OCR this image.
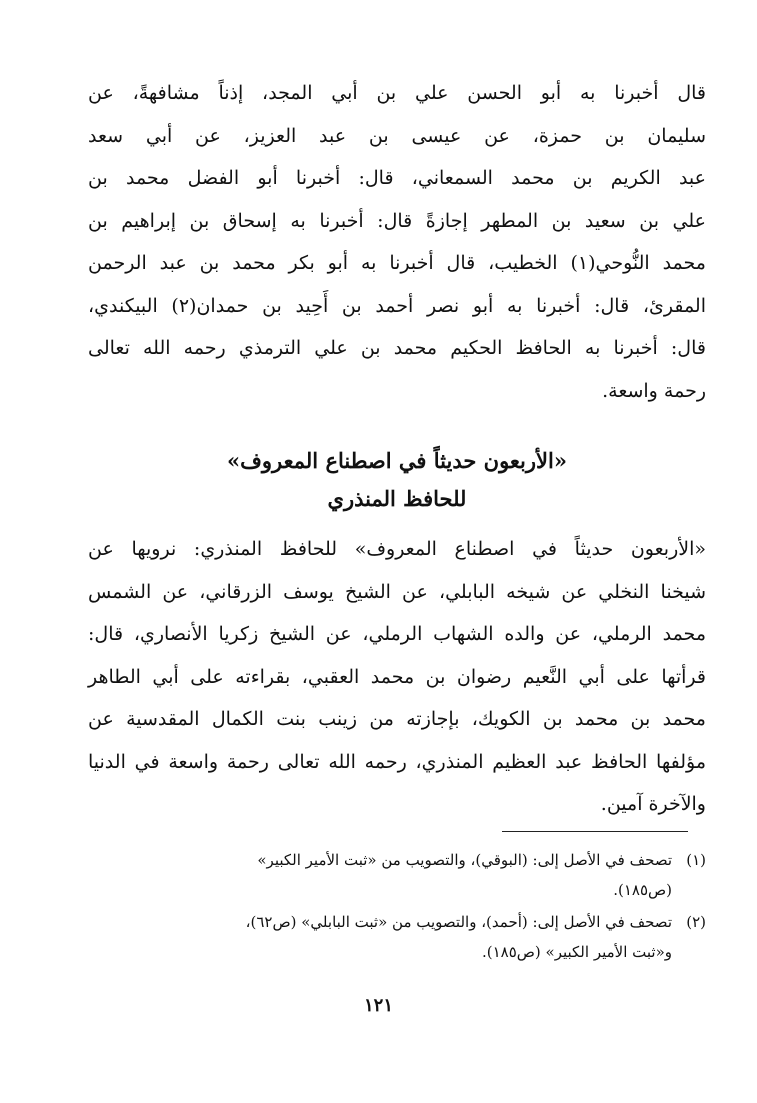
قال أخبرنا به أبو الحسن علي بن أبي المجد، إذناً مشافهةً، عن
سليمان بن حمزة، عن عيسى بن عبد العزيز، عن أبي سعد
عبد الكريم بن محمد السمعاني، قال: أخبرنا أبو الفضل محمد بن
علي بن سعيد بن المطهر إجازةً قال: أخبرنا به إسحاق بن إبراهيم بن
محمد النُّوحي(١) الخطيب، قال أخبرنا به أبو بكر محمد بن عبد الرحمن
المقرئ، قال: أخبرنا به أبو نصر أحمد بن أَحِيد بن حمدان(٢) البيكندي،
قال: أخبرنا به الحافظ الحكيم محمد بن علي الترمذي رحمه الله تعالى
رحمة واسعة.
«الأربعون حديثاً في اصطناع المعروف»
للحافظ المنذري
«الأربعون حديثاً في اصطناع المعروف» للحافظ المنذري: نرويها عن
شيخنا النخلي عن شيخه البابلي، عن الشيخ يوسف الزرقاني، عن الشمس
محمد الرملي، عن والده الشهاب الرملي، عن الشيخ زكريا الأنصاري، قال:
قرأتها على أبي النَّعيم رضوان بن محمد العقبي، بقراءته على أبي الطاهر
محمد بن محمد بن الكويك، بإجازته من زينب بنت الكمال المقدسية عن
مؤلفها الحافظ عبد العظيم المنذري، رحمه الله تعالى رحمة واسعة في الدنيا
والآخرة آمين.
(١)تصحف في الأصل إلى: (البوقي)، والتصويب من «ثبت الأمير الكبير»
(ص١٨٥).
(٢)تصحف في الأصل إلى: (أحمد)، والتصويب من «ثبت البابلي» (ص٦٢)،
و«ثبت الأمير الكبير» (ص١٨٥).
١٢١
